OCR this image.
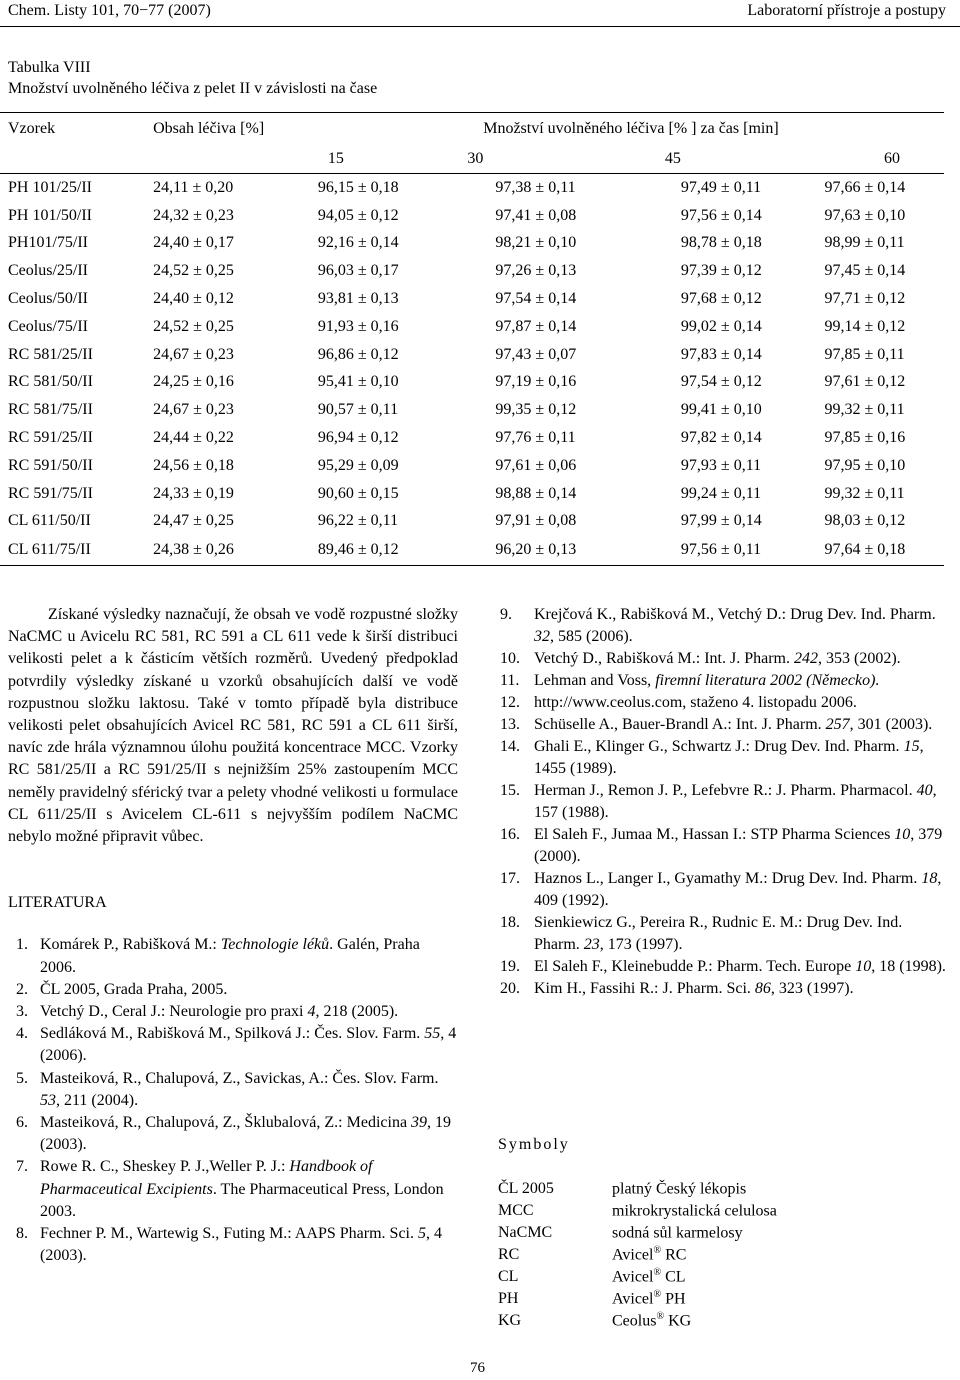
Chem. Listy 101, 70−77 (2007)	Laboratorní přístroje a postupy
Tabulka VIII
Množství uvolněného léčiva z pelet II v závislosti na čase
Vzorek	Obsah léčiva [%]	Množství uvolněného léčiva [% ] za čas [min]			
		15	30	45	60
PH 101/25/II	24,11 ± 0,20	96,15 ± 0,18	97,38 ± 0,11	97,49 ± 0,11	97,66 ± 0,14
PH 101/50/II	24,32 ± 0,23	94,05 ± 0,12	97,41 ± 0,08	97,56 ± 0,14	97,63 ± 0,10
PH101/75/II	24,40 ± 0,17	92,16 ± 0,14	98,21 ± 0,10	98,78 ± 0,18	98,99 ± 0,11
Ceolus/25/II	24,52 ± 0,25	96,03 ± 0,17	97,26 ± 0,13	97,39 ± 0,12	97,45 ± 0,14
Ceolus/50/II	24,40 ± 0,12	93,81 ± 0,13	97,54 ± 0,14	97,68 ± 0,12	97,71 ± 0,12
Ceolus/75/II	24,52 ± 0,25	91,93 ± 0,16	97,87 ± 0,14	99,02 ± 0,14	99,14 ± 0,12
RC 581/25/II	24,67 ± 0,23	96,86 ± 0,12	97,43 ± 0,07	97,83 ± 0,14	97,85 ± 0,11
RC 581/50/II	24,25 ± 0,16	95,41 ± 0,10	97,19 ± 0,16	97,54 ± 0,12	97,61 ± 0,12
RC 581/75/II	24,67 ± 0,23	90,57 ± 0,11	99,35 ± 0,12	99,41 ± 0,10	99,32 ± 0,11
RC 591/25/II	24,44 ± 0,22	96,94 ± 0,12	97,76 ± 0,11	97,82 ± 0,14	97,85 ± 0,16
RC 591/50/II	24,56 ± 0,18	95,29 ± 0,09	97,61 ± 0,06	97,93 ± 0,11	97,95 ± 0,10
RC 591/75/II	24,33 ± 0,19	90,60 ± 0,15	98,88 ± 0,14	99,24 ± 0,11	99,32 ± 0,11
CL 611/50/II	24,47 ± 0,25	96,22 ± 0,11	97,91 ± 0,08	97,99 ± 0,14	98,03 ± 0,12
CL 611/75/II	24,38 ± 0,26	89,46 ± 0,12	96,20 ± 0,13	97,56 ± 0,11	97,64 ± 0,18

Získané výsledky naznačují, že obsah ve vodě rozpustné složky NaCMC u Avicelu RC 581, RC 591 a CL 611 vede k širší distribuci velikosti pelet a k částicím větších rozměrů. Uvedený předpoklad potvrdily výsledky získané u vzorků obsahujících další ve vodě rozpustnou složku laktosu. Také v tomto případě byla distribuce velikosti pelet obsahujících Avicel RC 581, RC 591 a CL 611 širší, navíc zde hrála významnou úlohu použitá koncentrace MCC. Vzorky RC 581/25/II a RC 591/25/II s nejnižším 25% zastoupením MCC neměly pravidelný sférický tvar a pelety vhodné velikosti u formulace CL 611/25/II s Avicelem CL-611 s nejvyšším podílem NaCMC nebylo možné připravit vůbec.

LITERATURA
1. Komárek P., Rabišková M.: Technologie léků. Galén, Praha 2006.
2. ČL 2005, Grada Praha, 2005.
3. Vetchý D., Ceral J.: Neurologie pro praxi 4, 218 (2005).
4. Sedláková M., Rabišková M., Spilková J.: Čes. Slov. Farm. 55, 4 (2006).
5. Masteiková, R., Chalupová, Z., Savickas, A.: Čes. Slov. Farm. 53, 211 (2004).
6. Masteiková, R., Chalupová, Z., Šklubalová, Z.: Medicina 39, 19 (2003).
7. Rowe R. C., Sheskey P. J.,Weller P. J.: Handbook of Pharmaceutical Excipients. The Pharmaceutical Press, London 2003.
8. Fechner P. M., Wartewig S., Futing M.: AAPS Pharm. Sci. 5, 4 (2003).
9. Krejčová K., Rabišková M., Vetchý D.: Drug Dev. Ind. Pharm. 32, 585 (2006).
10. Vetchý D., Rabišková M.: Int. J. Pharm. 242, 353 (2002).
11. Lehman and Voss, firemní literatura 2002 (Německo).
12. http://www.ceolus.com, staženo 4. listopadu 2006.
13. Schüselle A., Bauer-Brandl A.: Int. J. Pharm. 257, 301 (2003).
14. Ghali E., Klinger G., Schwartz J.: Drug Dev. Ind. Pharm. 15, 1455 (1989).
15. Herman J., Remon J. P., Lefebvre R.: J. Pharm. Pharmacol. 40, 157 (1988).
16. El Saleh F., Jumaa M., Hassan I.: STP Pharma Sciences 10, 379 (2000).
17. Haznos L., Langer I., Gyamathy M.: Drug Dev. Ind. Pharm. 18, 409 (1992).
18. Sienkiewicz G., Pereira R., Rudnic E. M.: Drug Dev. Ind. Pharm. 23, 173 (1997).
19. El Saleh F., Kleinebudde P.: Pharm. Tech. Europe 10, 18 (1998).
20. Kim H., Fassihi R.: J. Pharm. Sci. 86, 323 (1997).
Symboly
ČL 2005	platný Český lékopis
MCC	mikrokrystalická celulosa
NaCMC	sodná sůl karmelosy
RC	Avicel® RC
CL	Avicel® CL
PH	Avicel® PH
KG	Ceolus® KG
76
